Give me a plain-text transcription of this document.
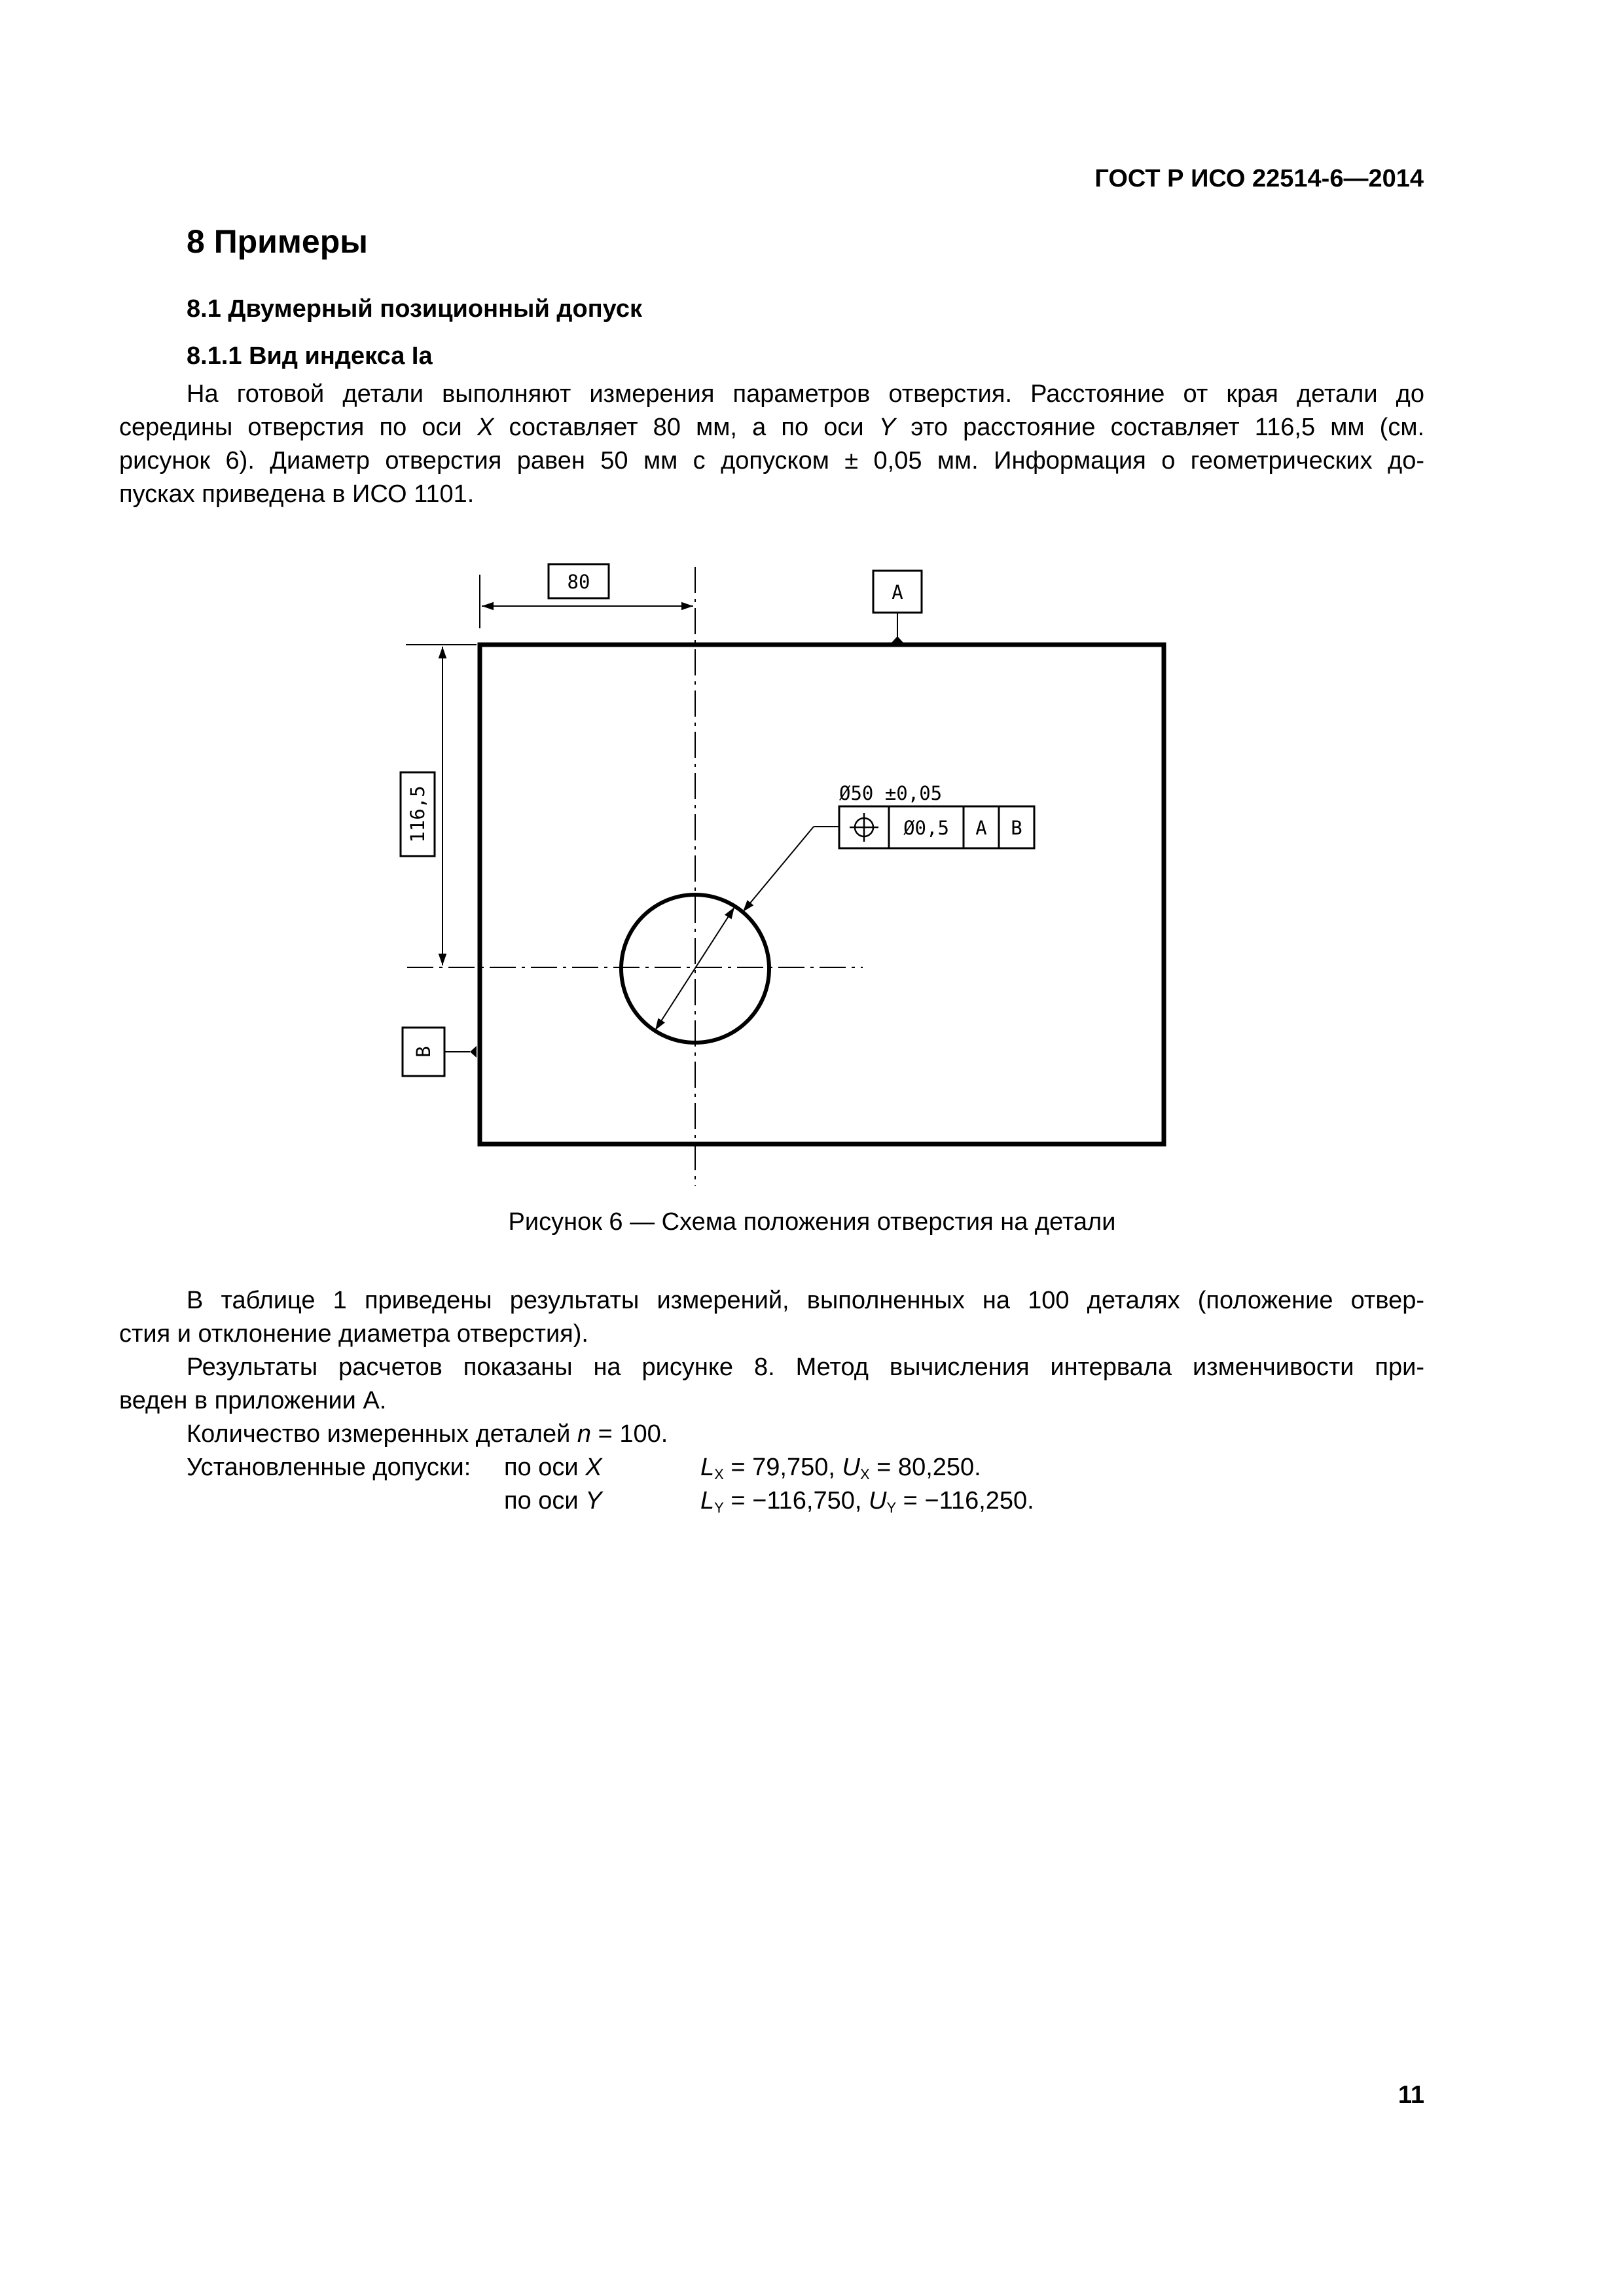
ГОСТ Р ИСО 22514-6—2014
8 Примеры
8.1 Двумерный позиционный допуск
8.1.1 Вид индекса Ia
На готовой детали выполняют измерения параметров отверстия. Расстояние от края детали до
середины отверстия по оси X составляет 80 мм, а по оси Y это расстояние составляет 116,5 мм (см.
рисунок 6). Диаметр отверстия равен 50 мм с допуском ± 0,05 мм. Информация о геометрических до-
пусках приведена в ИСО 1101.
80
116,5
A
B
Ø50 ±0,05
Ø0,5 A B
Рисунок 6 — Схема положения отверстия на детали
В таблице 1 приведены результаты измерений, выполненных на 100 деталях (положение отвер-
стия и отклонение диаметра отверстия).
Результаты расчетов показаны на рисунке 8. Метод вычисления интервала изменчивости при-
веден в приложении А.
Количество измеренных деталей n = 100.
Установленные допуски: по оси X	$L_X = 79,750$, $U_X = 80,250$.
по оси Y	$L_Y = -116,750$, $U_Y = -116,250$.
11
